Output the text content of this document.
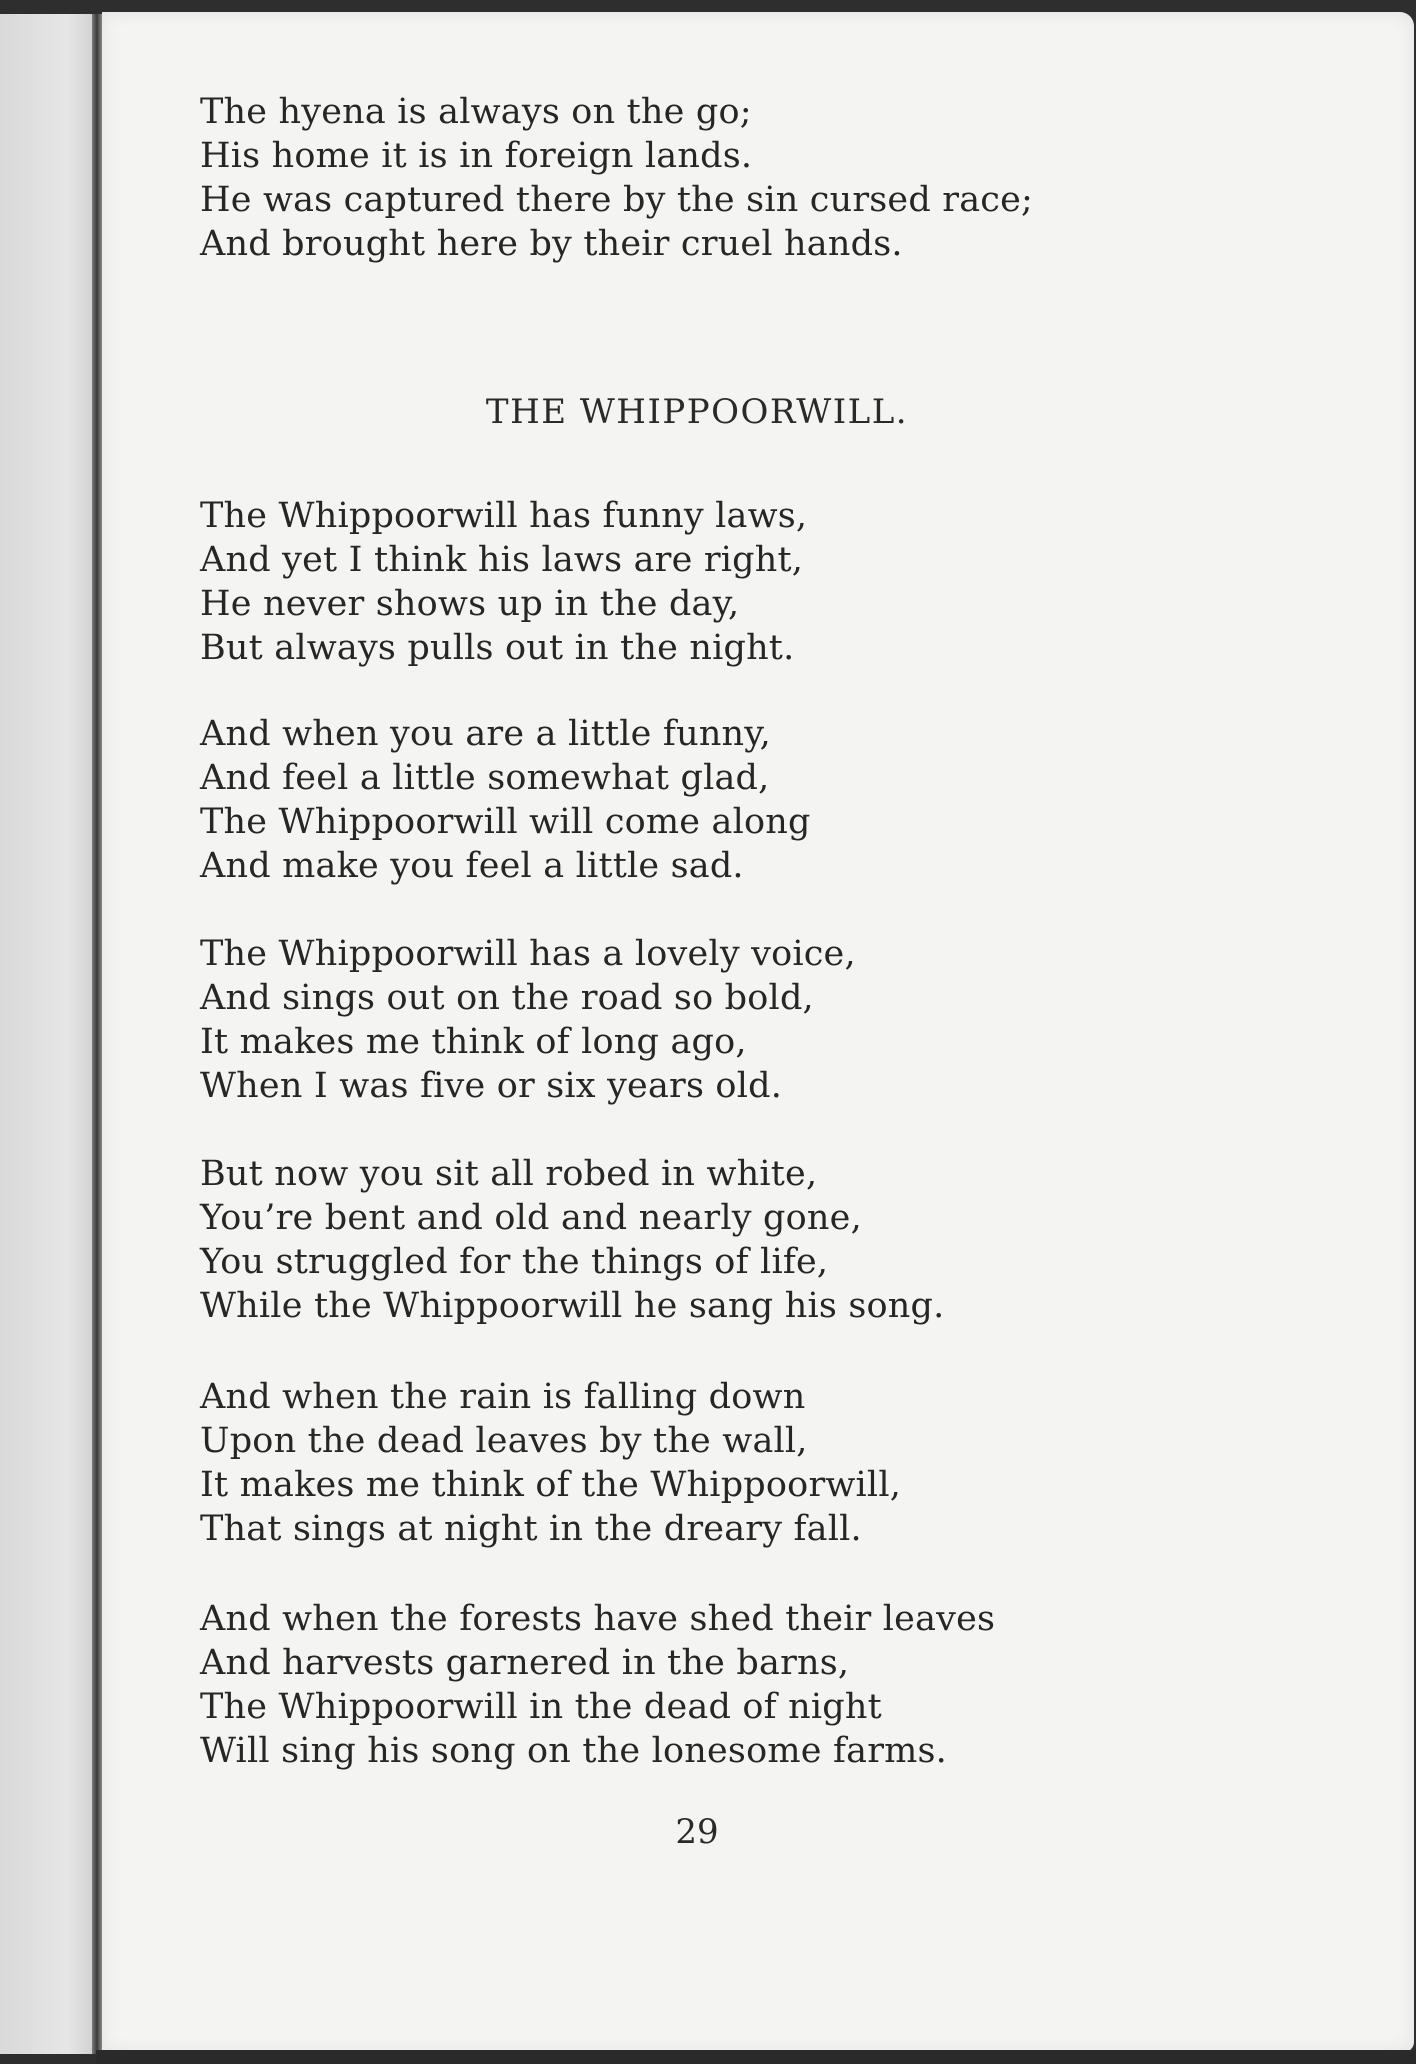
The hyena is always on the go;
His home it is in foreign lands.
He was captured there by the sin cursed race;
And brought here by their cruel hands.
THE WHIPPOORWILL.
The Whippoorwill has funny laws,
And yet I think his laws are right,
He never shows up in the day,
But always pulls out in the night.
And when you are a little funny,
And feel a little somewhat glad,
The Whippoorwill will come along
And make you feel a little sad.
The Whippoorwill has a lovely voice,
And sings out on the road so bold,
It makes me think of long ago,
When I was five or six years old.
But now you sit all robed in white,
You’re bent and old and nearly gone,
You struggled for the things of life,
While the Whippoorwill he sang his song.
And when the rain is falling down
Upon the dead leaves by the wall,
It makes me think of the Whippoorwill,
That sings at night in the dreary fall.
And when the forests have shed their leaves
And harvests garnered in the barns,
The Whippoorwill in the dead of night
Will sing his song on the lonesome farms.
29
